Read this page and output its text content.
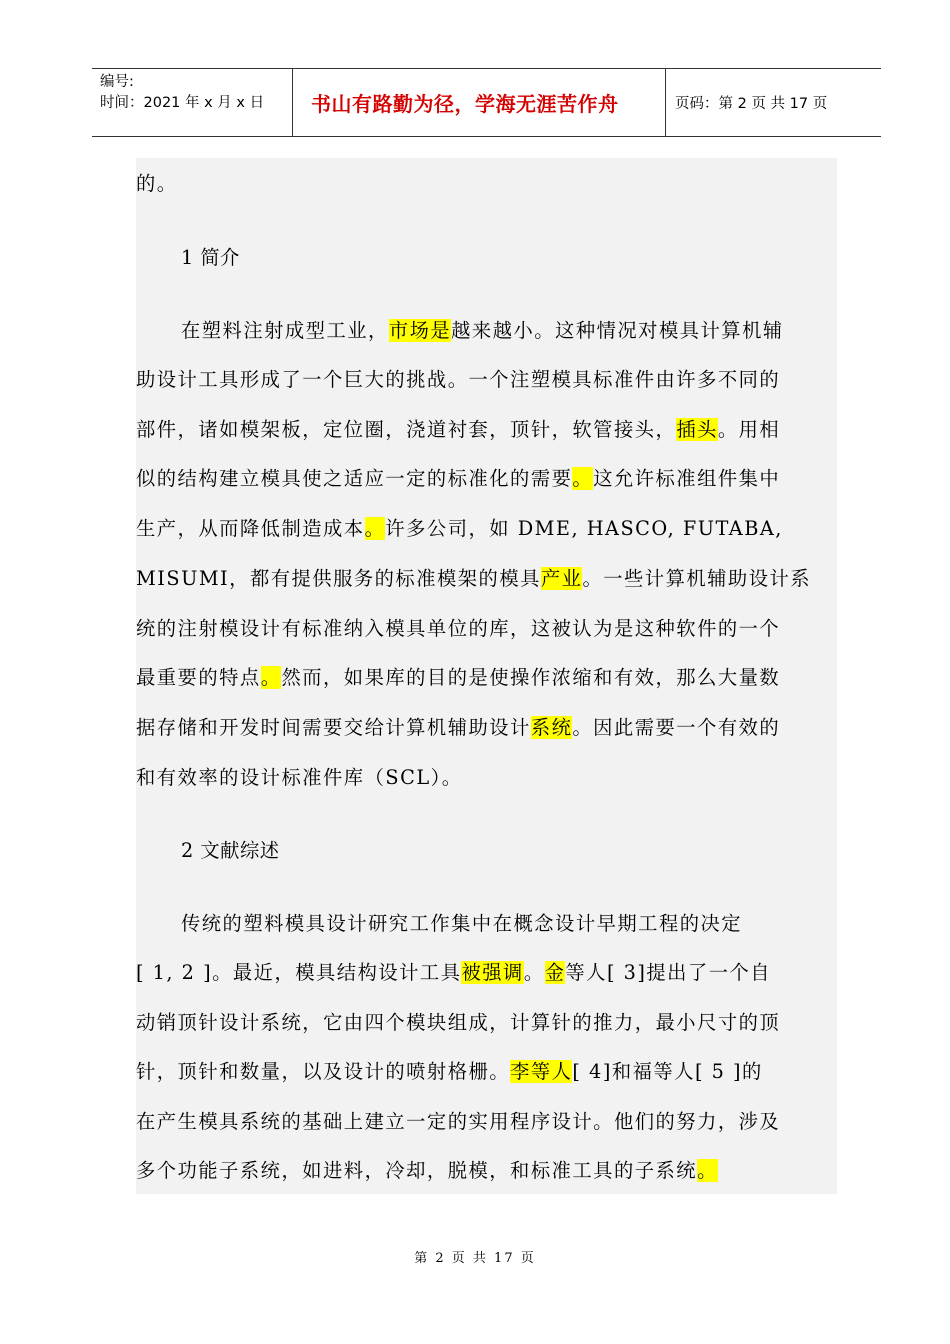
编号:
时间：2021 年 x 月 x 日	书山有路勤为径，学海无涯苦作舟	页码：第 2 页 共 17 页
的。
1 简介
在塑料注射成型工业，市场是越来越小。这种情况对模具计算机辅
助设计工具形成了一个巨大的挑战。一个注塑模具标准件由许多不同的
部件，诸如模架板，定位圈，浇道衬套，顶针，软管接头，插头。用相
似的结构建立模具使之适应一定的标准化的需要。这允许标准组件集中
生产，从而降低制造成本。许多公司，如 DME, HASCO, FUTABA,
MISUMI，都有提供服务的标准模架的模具产业。一些计算机辅助设计系
统的注射模设计有标准纳入模具单位的库，这被认为是这种软件的一个
最重要的特点。然而，如果库的目的是使操作浓缩和有效，那么大量数
据存储和开发时间需要交给计算机辅助设计系统。因此需要一个有效的
和有效率的设计标准件库（SCL）。
2 文献综述
传统的塑料模具设计研究工作集中在概念设计早期工程的决定
[ 1, 2 ]。最近，模具结构设计工具被强调。金等人[ 3]提出了一个自
动销顶针设计系统，它由四个模块组成，计算针的推力，最小尺寸的顶
针，顶针和数量，以及设计的喷射格栅。李等人[ 4]和福等人[ 5 ]的
在产生模具系统的基础上建立一定的实用程序设计。他们的努力，涉及
多个功能子系统，如进料，冷却，脱模，和标准工具的子系统。
第 2 页 共 17 页
